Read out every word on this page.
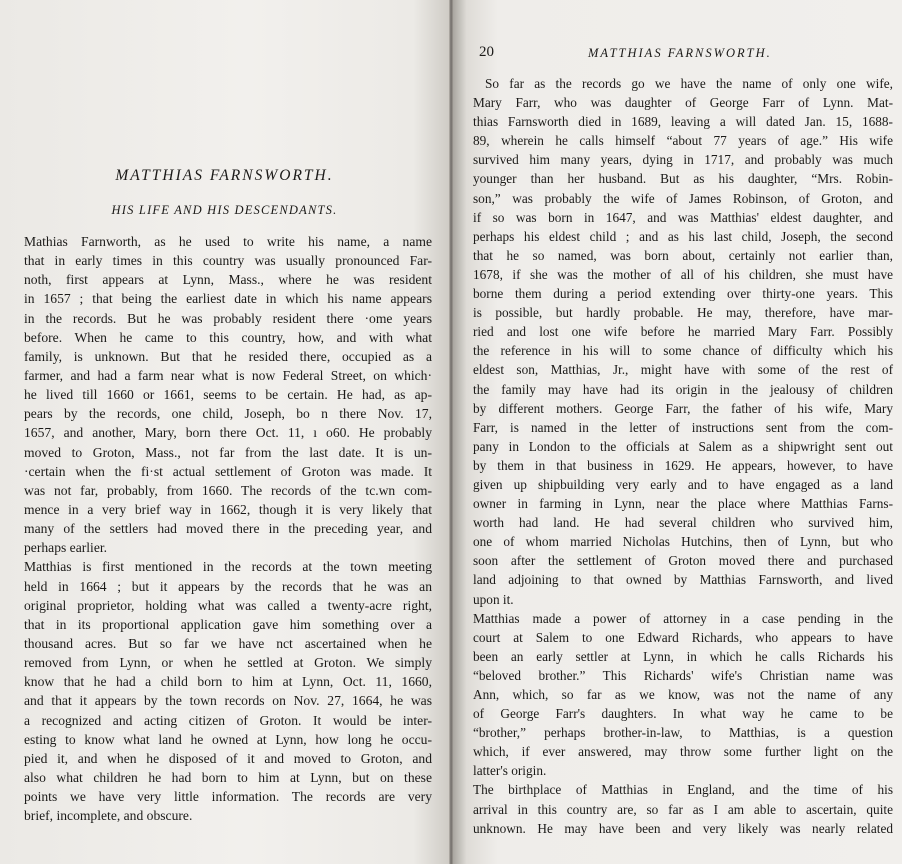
MATTHIAS FARNSWORTH.
HIS LIFE AND HIS DESCENDANTS.
Mathias Farnworth, as he used to write his name, a name
that in early times in this country was usually pronounced Far-
noth, first appears at Lynn, Mass., where he was resident
in 1657 ; that being the earliest date in which his name appears
in the records. But he was probably resident there ·ome years
before. When he came to this country, how, and with what
family, is unknown. But that he resided there, occupied as a
farmer, and had a farm near what is now Federal Street, on which·
he lived till 1660 or 1661, seems to be certain. He had, as ap-
pears by the records, one child, Joseph, bo n there Nov. 17,
1657, and another, Mary, born there Oct. 11, ı o60. He probably
moved to Groton, Mass., not far from the last date. It is un-
·certain when the fi·st actual settlement of Groton was made. It
was not far, probably, from 1660. The records of the tc.wn com-
mence in a very brief way in 1662, though it is very likely that
many of the settlers had moved there in the preceding year, and
perhaps earlier.
Matthias is first mentioned in the records at the town meeting
held in 1664 ; but it appears by the records that he was an
original proprietor, holding what was called a twenty-acre right,
that in its proportional application gave him something over a
thousand acres. But so far we have nct ascertained when he
removed from Lynn, or when he settled at Groton. We simply
know that he had a child born to him at Lynn, Oct. 11, 1660,
and that it appears by the town records on Nov. 27, 1664, he was
a recognized and acting citizen of Groton. It would be inter-
esting to know what land he owned at Lynn, how long he occu-
pied it, and when he disposed of it and moved to Groton, and
also what children he had born to him at Lynn, but on these
points we have very little information. The records are very
brief, incomplete, and obscure.
20	MATTHIAS FARNSWORTH.
So far as the records go we have the name of only one wife,
Mary Farr, who was daughter of George Farr of Lynn. Mat-
thias Farnsworth died in 1689, leaving a will dated Jan. 15, 1688-
89, wherein he calls himself “about 77 years of age.” His wife
survived him many years, dying in 1717, and probably was much
younger than her husband. But as his daughter, “Mrs. Robin-
son,” was probably the wife of James Robinson, of Groton, and
if so was born in 1647, and was Matthias' eldest daughter, and
perhaps his eldest child ; and as his last child, Joseph, the second
that he so named, was born about, certainly not earlier than,
1678, if she was the mother of all of his children, she must have
borne them during a period extending over thirty-one years. This
is possible, but hardly probable. He may, therefore, have mar-
ried and lost one wife before he married Mary Farr. Possibly
the reference in his will to some chance of difficulty which his
eldest son, Matthias, Jr., might have with some of the rest of
the family may have had its origin in the jealousy of children
by different mothers. George Farr, the father of his wife, Mary
Farr, is named in the letter of instructions sent from the com-
pany in London to the officials at Salem as a shipwright sent out
by them in that business in 1629. He appears, however, to have
given up shipbuilding very early and to have engaged as a land
owner in farming in Lynn, near the place where Matthias Farns-
worth had land. He had several children who survived him,
one of whom married Nicholas Hutchins, then of Lynn, but who
soon after the settlement of Groton moved there and purchased
land adjoining to that owned by Matthias Farnsworth, and lived
upon it.
Matthias made a power of attorney in a case pending in the
court at Salem to one Edward Richards, who appears to have
been an early settler at Lynn, in which he calls Richards his
“beloved brother.” This Richards' wife's Christian name was
Ann, which, so far as we know, was not the name of any
of George Farr's daughters. In what way he came to be
“brother,” perhaps brother-in-law, to Matthias, is a question
which, if ever answered, may throw some further light on the
latter's origin.
The birthplace of Matthias in England, and the time of his
arrival in this country are, so far as I am able to ascertain, quite
unknown. He may have been and very likely was nearly related
